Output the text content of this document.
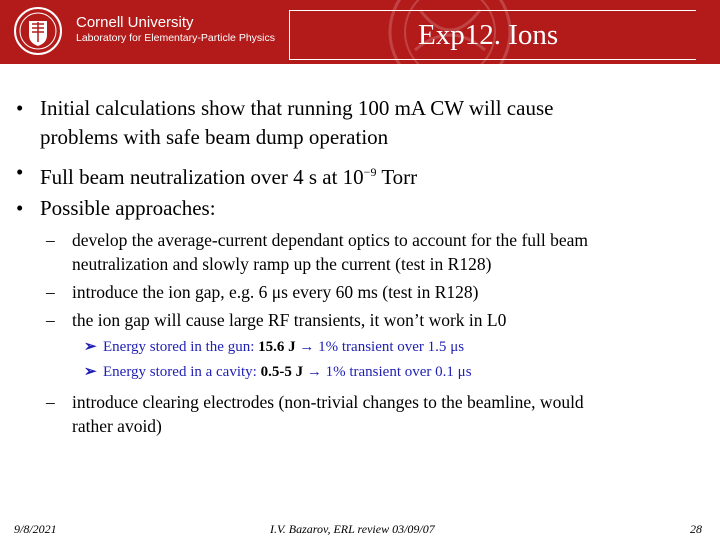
Cornell University
Laboratory for Elementary-Particle Physics	Exp12. Ions
• Initial calculations show that running 100 mA CW will cause
problems with safe beam dump operation
• Full beam neutralization over 4 s at $10^{-9}$ Torr
• Possible approaches:
– develop the average-current dependant optics to account for the full beam
neutralization and slowly ramp up the current (test in R128)
– introduce the ion gap, e.g. 6 μs every 60 ms (test in R128)
– the ion gap will cause large RF transients, it won’t work in L0
➢ Energy stored in the gun: 15.6 J → 1% transient over 1.5 μs
➢ Energy stored in a cavity: 0.5-5 J → 1% transient over 0.1 μs
– introduce clearing electrodes (non-trivial changes to the beamline, would
rather avoid)
9/8/2021	I.V. Bazarov, ERL review 03/09/07	28
